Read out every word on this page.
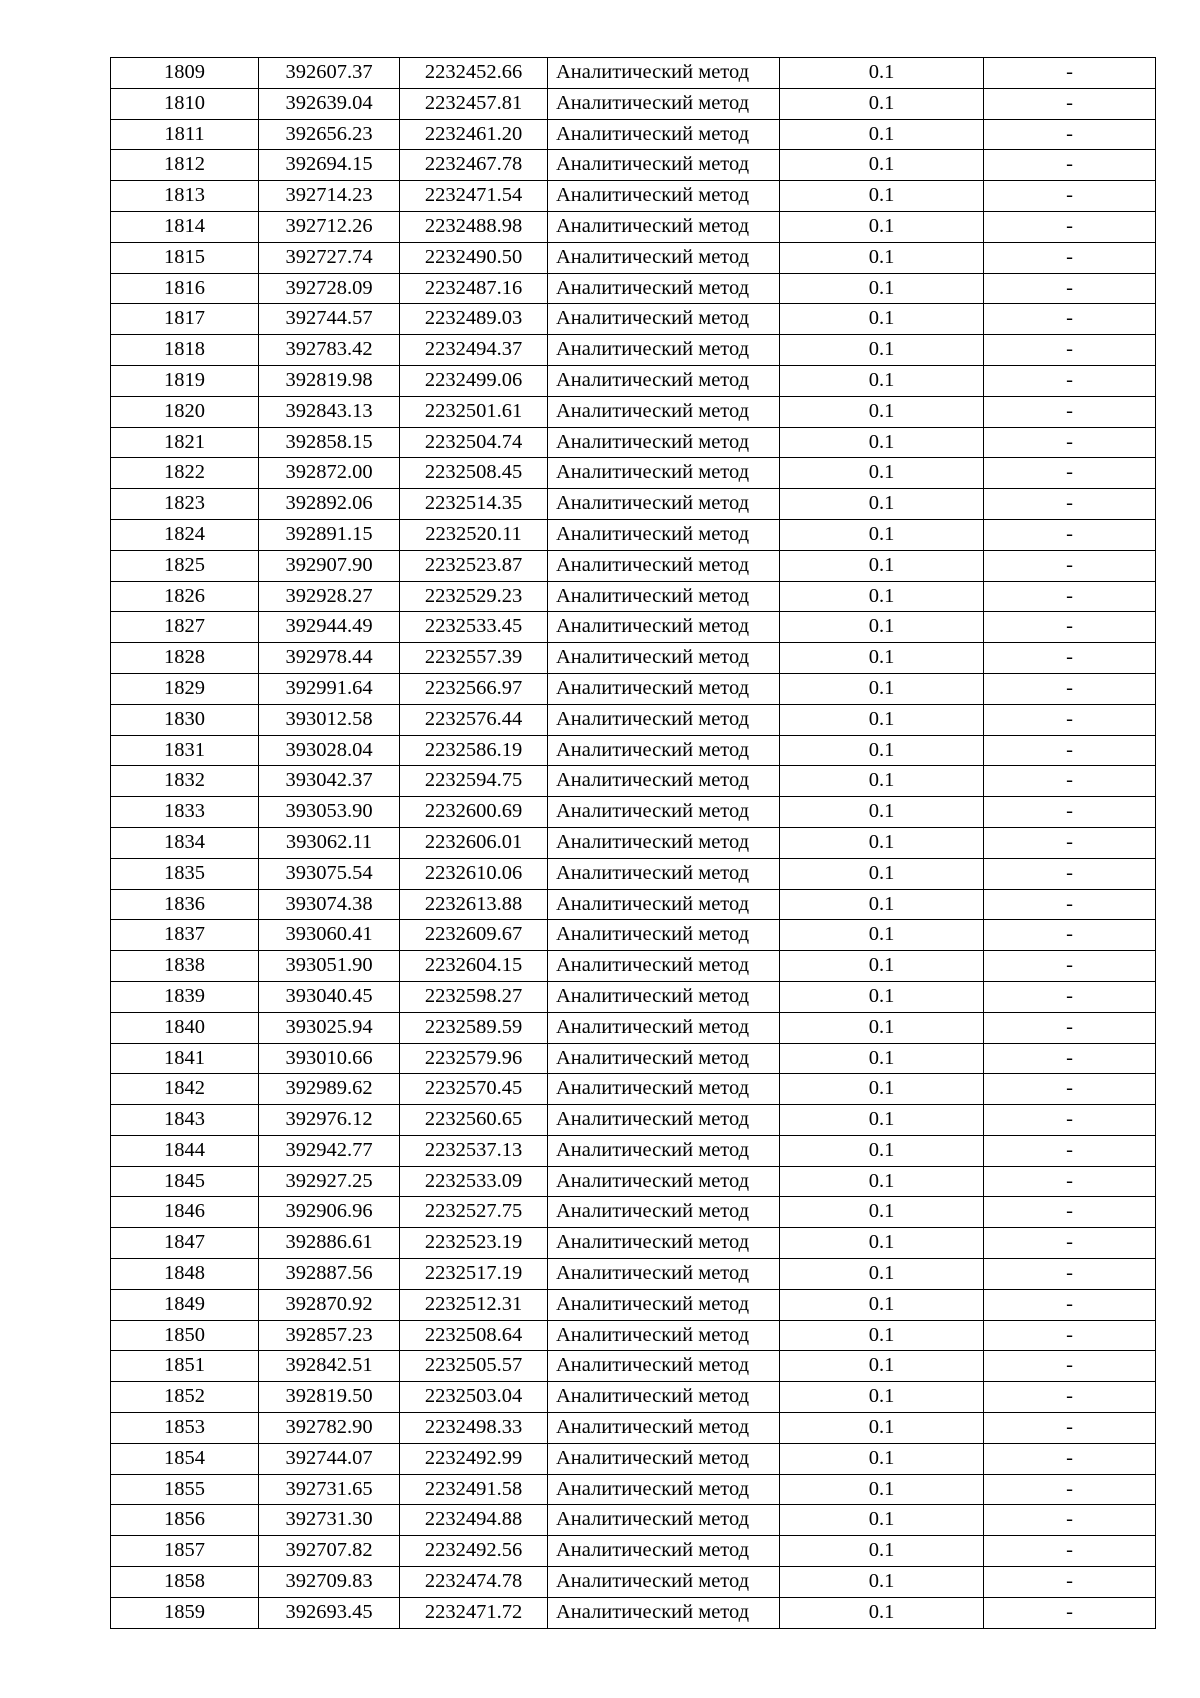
1809	392607.37	2232452.66	Аналитический метод	0.1	-
1810	392639.04	2232457.81	Аналитический метод	0.1	-
1811	392656.23	2232461.20	Аналитический метод	0.1	-
1812	392694.15	2232467.78	Аналитический метод	0.1	-
1813	392714.23	2232471.54	Аналитический метод	0.1	-
1814	392712.26	2232488.98	Аналитический метод	0.1	-
1815	392727.74	2232490.50	Аналитический метод	0.1	-
1816	392728.09	2232487.16	Аналитический метод	0.1	-
1817	392744.57	2232489.03	Аналитический метод	0.1	-
1818	392783.42	2232494.37	Аналитический метод	0.1	-
1819	392819.98	2232499.06	Аналитический метод	0.1	-
1820	392843.13	2232501.61	Аналитический метод	0.1	-
1821	392858.15	2232504.74	Аналитический метод	0.1	-
1822	392872.00	2232508.45	Аналитический метод	0.1	-
1823	392892.06	2232514.35	Аналитический метод	0.1	-
1824	392891.15	2232520.11	Аналитический метод	0.1	-
1825	392907.90	2232523.87	Аналитический метод	0.1	-
1826	392928.27	2232529.23	Аналитический метод	0.1	-
1827	392944.49	2232533.45	Аналитический метод	0.1	-
1828	392978.44	2232557.39	Аналитический метод	0.1	-
1829	392991.64	2232566.97	Аналитический метод	0.1	-
1830	393012.58	2232576.44	Аналитический метод	0.1	-
1831	393028.04	2232586.19	Аналитический метод	0.1	-
1832	393042.37	2232594.75	Аналитический метод	0.1	-
1833	393053.90	2232600.69	Аналитический метод	0.1	-
1834	393062.11	2232606.01	Аналитический метод	0.1	-
1835	393075.54	2232610.06	Аналитический метод	0.1	-
1836	393074.38	2232613.88	Аналитический метод	0.1	-
1837	393060.41	2232609.67	Аналитический метод	0.1	-
1838	393051.90	2232604.15	Аналитический метод	0.1	-
1839	393040.45	2232598.27	Аналитический метод	0.1	-
1840	393025.94	2232589.59	Аналитический метод	0.1	-
1841	393010.66	2232579.96	Аналитический метод	0.1	-
1842	392989.62	2232570.45	Аналитический метод	0.1	-
1843	392976.12	2232560.65	Аналитический метод	0.1	-
1844	392942.77	2232537.13	Аналитический метод	0.1	-
1845	392927.25	2232533.09	Аналитический метод	0.1	-
1846	392906.96	2232527.75	Аналитический метод	0.1	-
1847	392886.61	2232523.19	Аналитический метод	0.1	-
1848	392887.56	2232517.19	Аналитический метод	0.1	-
1849	392870.92	2232512.31	Аналитический метод	0.1	-
1850	392857.23	2232508.64	Аналитический метод	0.1	-
1851	392842.51	2232505.57	Аналитический метод	0.1	-
1852	392819.50	2232503.04	Аналитический метод	0.1	-
1853	392782.90	2232498.33	Аналитический метод	0.1	-
1854	392744.07	2232492.99	Аналитический метод	0.1	-
1855	392731.65	2232491.58	Аналитический метод	0.1	-
1856	392731.30	2232494.88	Аналитический метод	0.1	-
1857	392707.82	2232492.56	Аналитический метод	0.1	-
1858	392709.83	2232474.78	Аналитический метод	0.1	-
1859	392693.45	2232471.72	Аналитический метод	0.1	-
